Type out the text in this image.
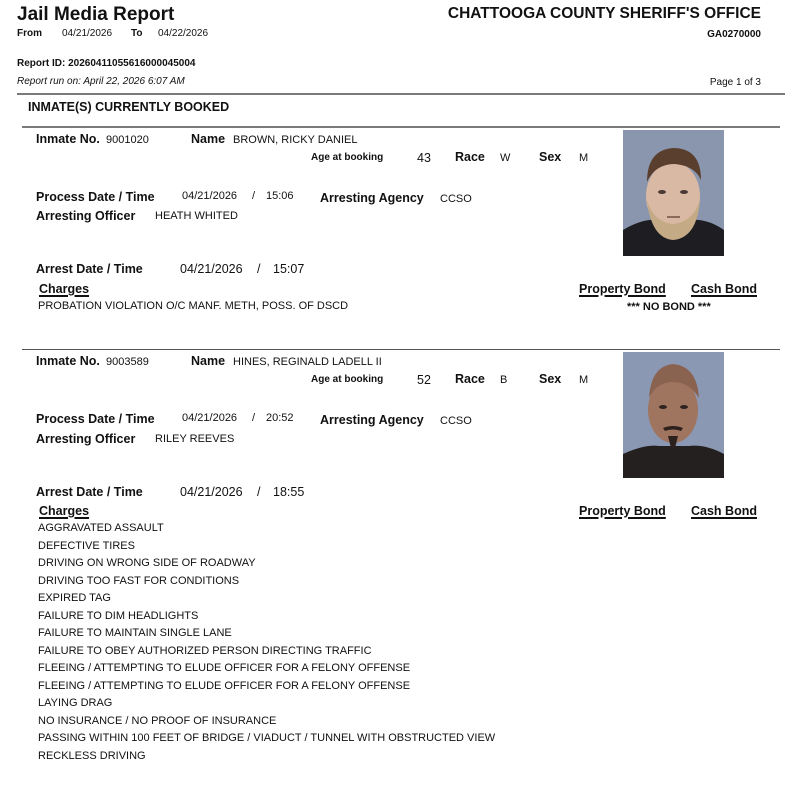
Jail Media Report
From 04/21/2026 To 04/22/2026
Report ID: 20260411055616000045004
Report run on: April 22, 2026 6:07 AM
CHATTOOGA COUNTY SHERIFF'S OFFICE
GA0270000
Page 1 of 3
INMATE(S) CURRENTLY BOOKED
Inmate No. 9001020	Name BROWN, RICKY DANIEL
Age at booking	43 Race W Sex M
Process Date / Time 04/21/2026 / 15:06 Arresting Agency CCSO
Arresting Officer HEATH WHITED
Arrest Date / Time	04/21/2026 / 15:07
Charges	Property Bond Cash Bond
*** NO BOND ***
PROBATION VIOLATION O/C MANF. METH, POSS. OF DSCD
Inmate No. 9003589	Name HINES, REGINALD LADELL II
Age at booking	52 Race B	Sex M
Process Date / Time 04/21/2026 / 20:52 Arresting Agency CCSO
Arresting Officer RILEY REEVES
Arrest Date / Time	04/21/2026 / 18:55
Charges	Property Bond Cash Bond
AGGRAVATED ASSAULT
DEFECTIVE TIRES
DRIVING ON WRONG SIDE OF ROADWAY
DRIVING TOO FAST FOR CONDITIONS
EXPIRED TAG
FAILURE TO DIM HEADLIGHTS
FAILURE TO MAINTAIN SINGLE LANE
FAILURE TO OBEY AUTHORIZED PERSON DIRECTING TRAFFIC
FLEEING / ATTEMPTING TO ELUDE OFFICER FOR A FELONY OFFENSE
FLEEING / ATTEMPTING TO ELUDE OFFICER FOR A FELONY OFFENSE
LAYING DRAG
NO INSURANCE / NO PROOF OF INSURANCE
PASSING WITHIN 100 FEET OF BRIDGE / VIADUCT / TUNNEL WITH OBSTRUCTED VIEW
RECKLESS DRIVING
